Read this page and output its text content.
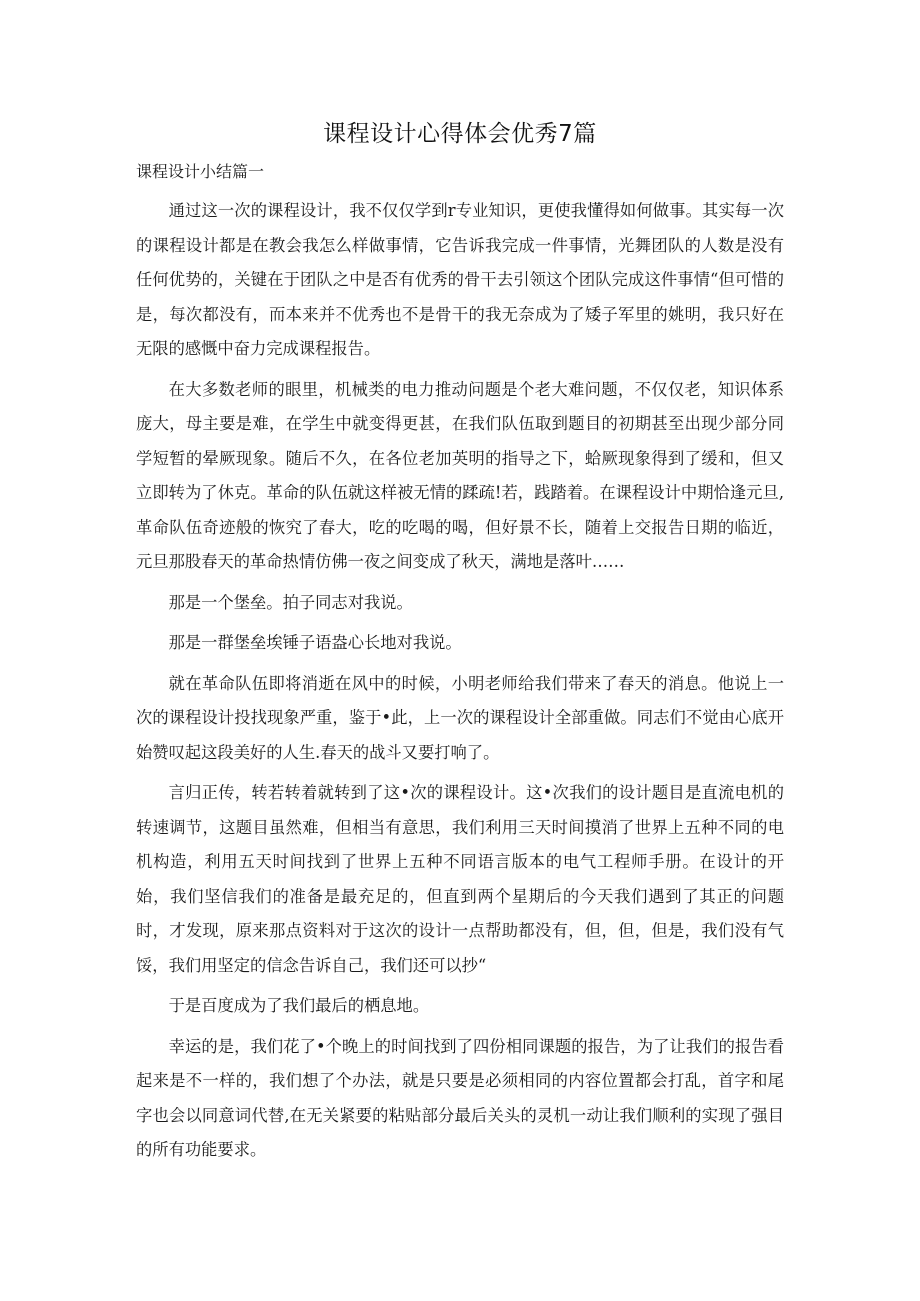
课程设计心得体会优秀7篇
课程设计小结篇一

通过这一次的课程设计，我不仅仅学到r专业知识，更使我懂得如何做事。其实每一次的课程设计都是在教会我怎么样做事情，它告诉我完成一件事情，光舞团队的人数是没有任何优势的，关键在于团队之中是否有优秀的骨干去引领这个团队完成这件事情“但可惜的是，每次都没有，而本来并不优秀也不是骨干的我无奈成为了矮子军里的姚明，我只好在无限的感慨中奋力完成课程报告。

在大多数老师的眼里，机械类的电力推动问题是个老大难问题，不仅仅老，知识体系庞大，母主要是难，在学生中就变得更甚，在我们队伍取到题目的初期甚至出现少部分同学短暂的晕厥现象。随后不久，在各位老加英明的指导之下，蛤厥现象得到了缓和，但又立即转为了休克。革命的队伍就这样被无情的蹂疏!若，践踏着。在课程设计中期恰逢元旦,革命队伍奇迹般的恢究了春大，吃的吃喝的喝，但好景不长，随着上交报告日期的临近，元旦那股春天的革命热情仿佛一夜之间变成了秋天，满地是落叶……

那是一个堡垒。拍子同志对我说。

那是一群堡垒埃锤子语盎心长地对我说。

就在革命队伍即将消逝在风中的时候，小明老师给我们带来了春天的消息。他说上一次的课程设计投找现象严重，鉴于•此，上一次的课程设计全部重做。同志们不觉由心底开始赞叹起这段美好的人生.春天的战斗又要打响了。

言归正传，转若转着就转到了这•次的课程设计。这•次我们的设计题目是直流电机的转速调节，这题目虽然难，但相当有意思，我们利用三天时间摸消了世界上五种不同的电机构造，利用五天时间找到了世界上五种不同语言版本的电气工程师手册。在设计的开始，我们坚信我们的准备是最充足的，但直到两个星期后的今天我们遇到了其正的问题时，才发现，原来那点资料对于这次的设计一点帮助都没有，但，但，但是，我们没有气馁，我们用坚定的信念告诉自己，我们还可以抄“

于是百度成为了我们最后的栖息地。

幸运的是，我们花了•个晚上的时间找到了四份相同课题的报告，为了让我们的报告看起来是不一样的，我们想了个办法，就是只要是必须相同的内容位置都会打乱，首字和尾字也会以同意词代替,在无关紧要的粘贴部分最后关头的灵机一动让我们顺利的实现了强目的所有功能要求。
